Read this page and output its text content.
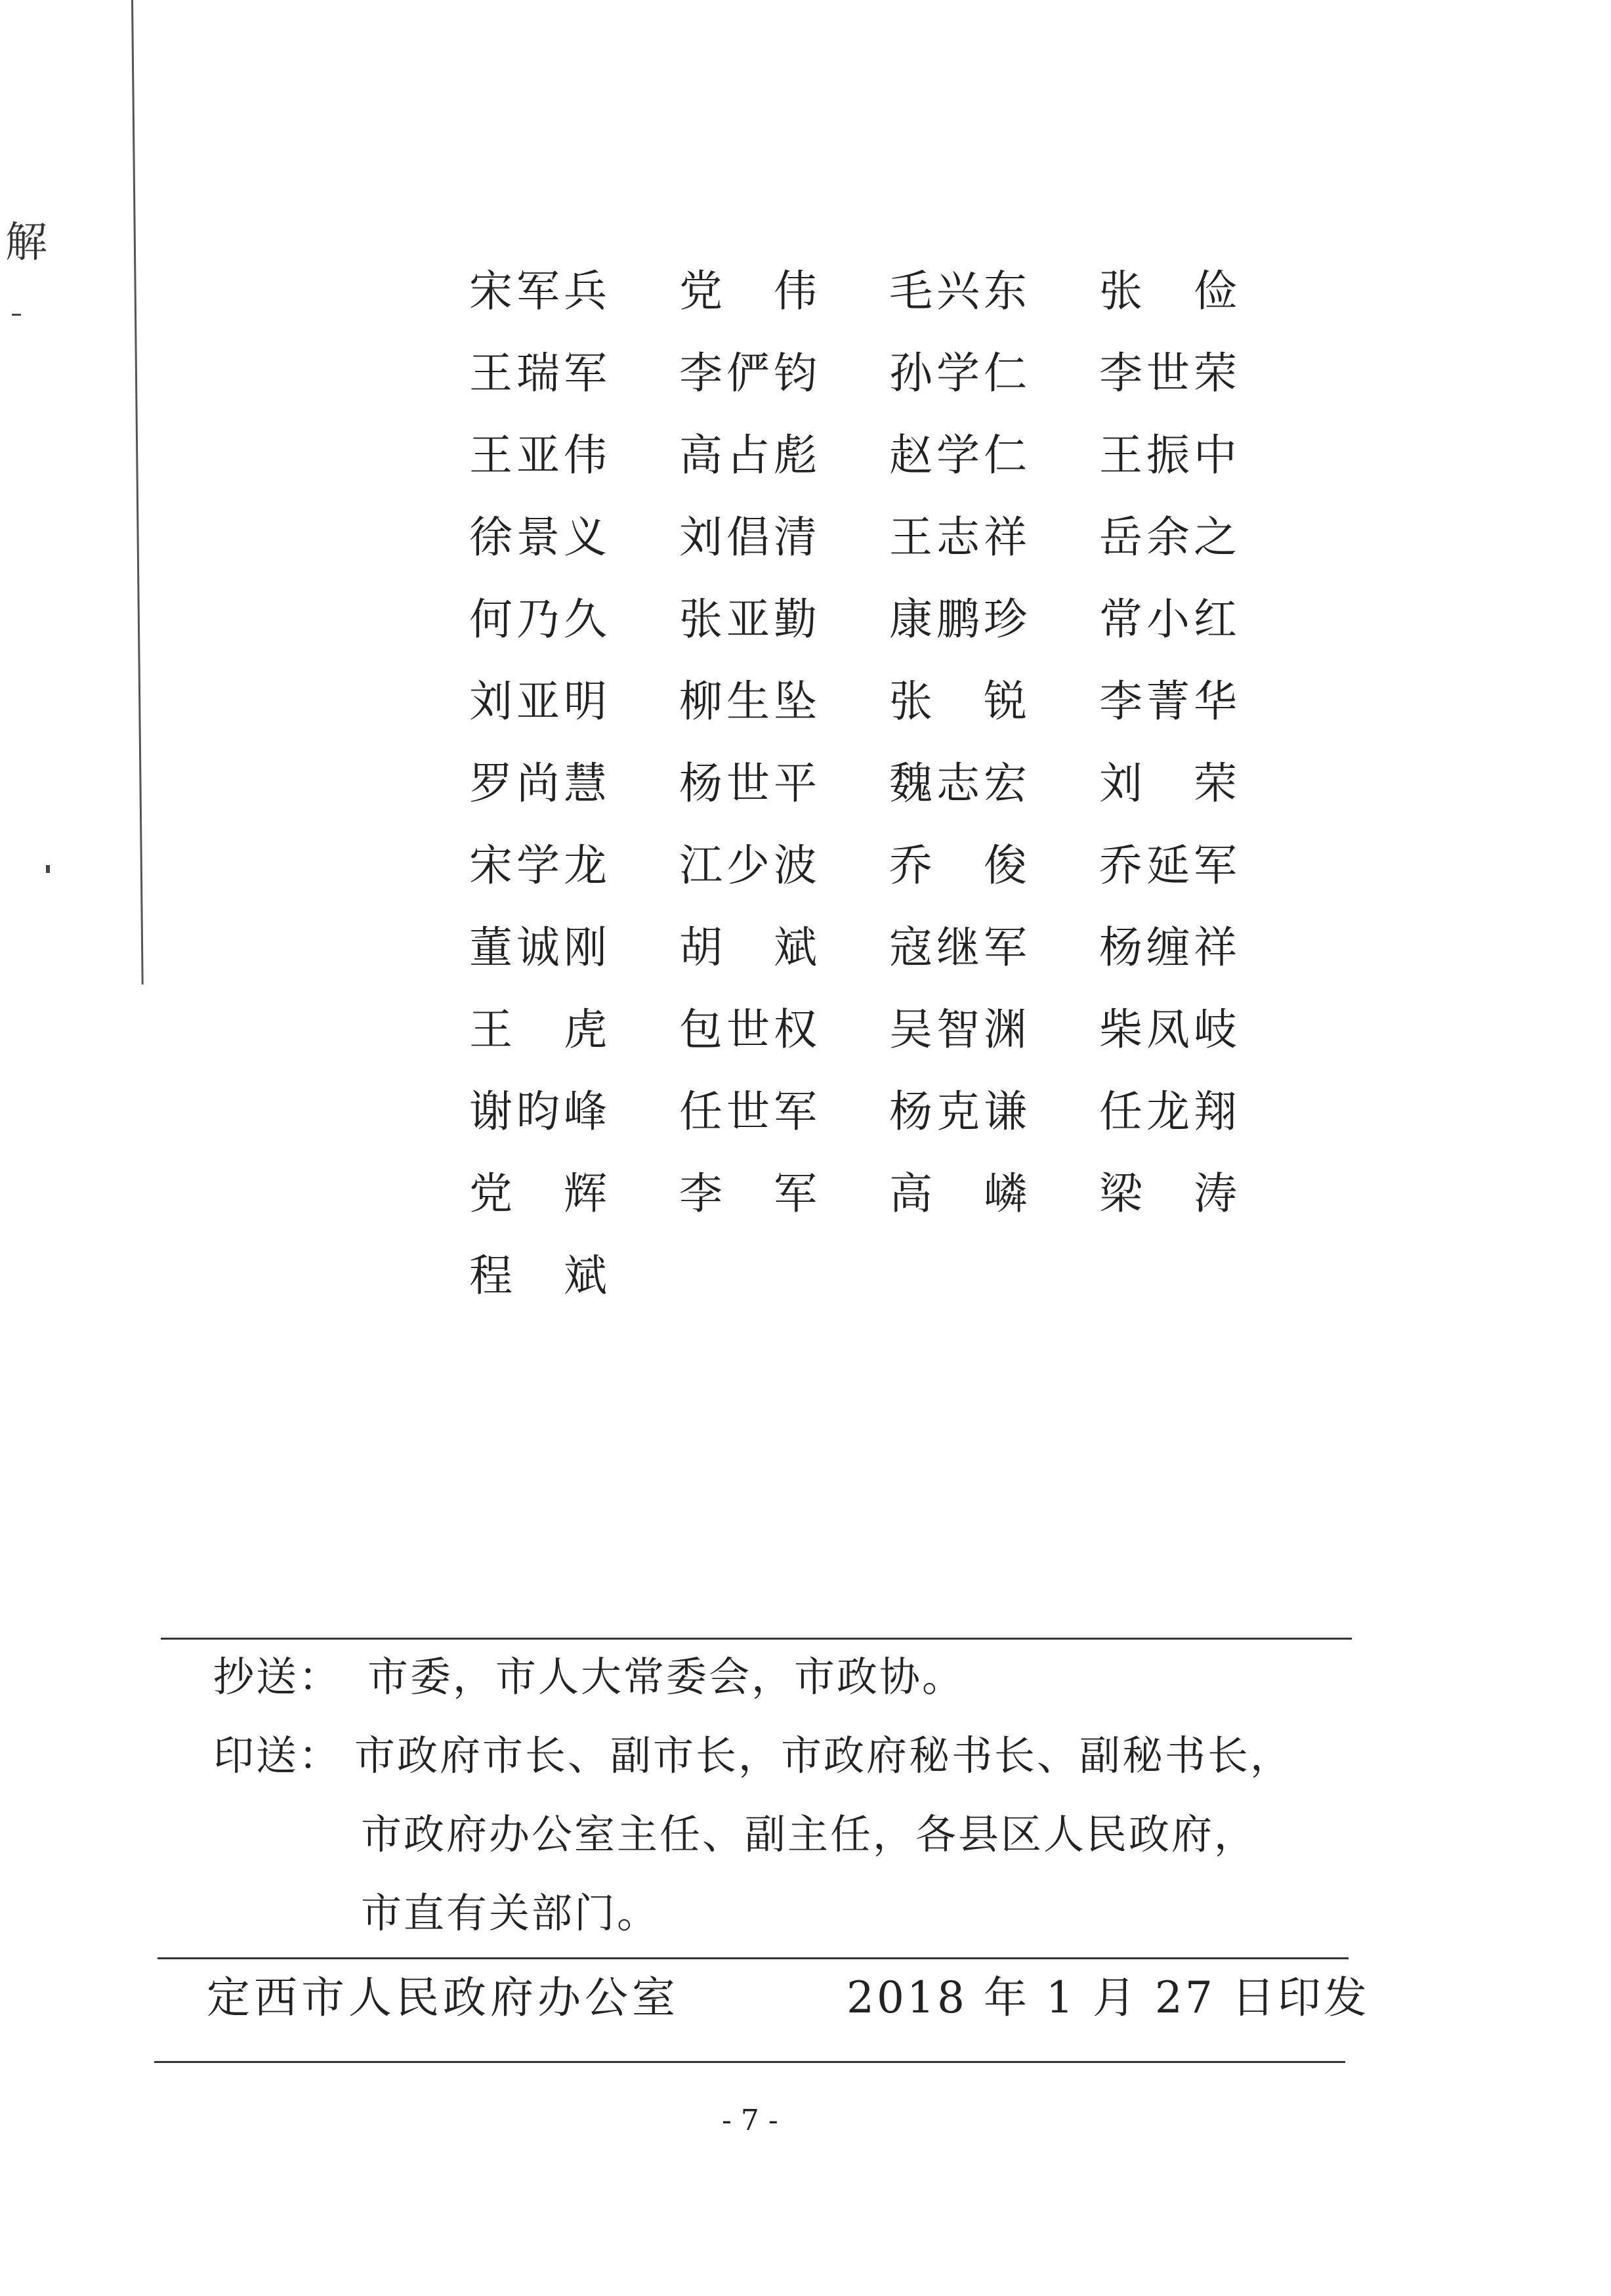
解
宋军兵 党　伟 毛兴东 张　俭
王瑞军 李俨钧 孙学仁 李世荣
王亚伟 高占彪 赵学仁 王振中
徐景义 刘倡清 王志祥 岳余之
何乃久 张亚勤 康鹏珍 常小红
刘亚明 柳生坠 张　锐 李菁华
罗尚慧 杨世平 魏志宏 刘　荣
宋学龙 江少波 乔　俊 乔延军
董诚刚 胡　斌 寇继军 杨缠祥
王　虎 包世权 吴智渊 柴凤岐
谢昀峰 任世军 杨克谦 任龙翔
党　辉 李　军 高　嶙 梁　涛
程　斌
抄送： 市委，市人大常委会，市政协。
印送： 市政府市长、副市长，市政府秘书长、副秘书长，
市政府办公室主任、副主任，各县区人民政府，
市直有关部门。
定西市人民政府办公室	2018 年 1 月 27 日印发
- 7 -
